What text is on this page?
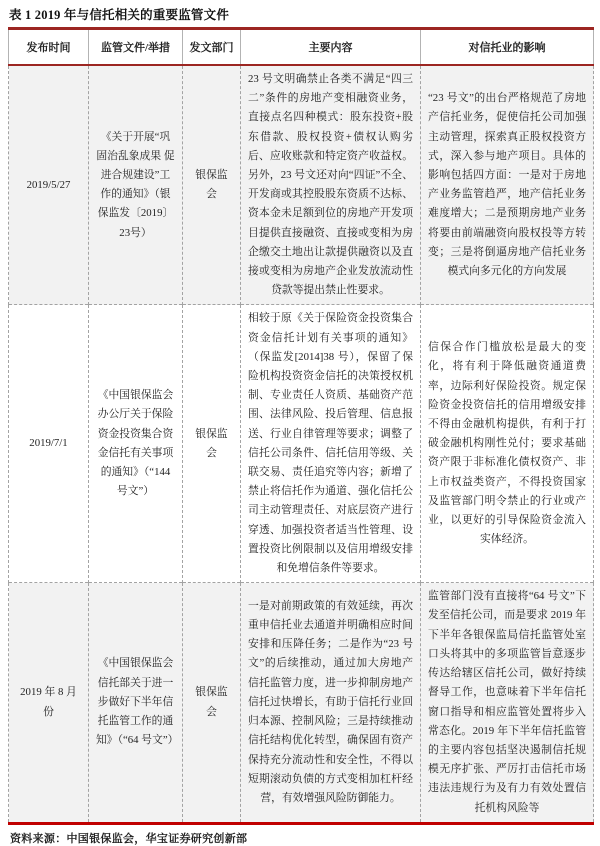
表 1 2019 年与信托相关的重要监管文件
发布时间	监管文件/举措	发文部门	主要内容	对信托业的影响
2019/5/27	《关于开展“巩固治乱象成果 促进合规建设”工作的通知》（银保监发〔2019〕23号）	银保监会	23 号文明确禁止各类不满足“四三二”条件的房地产变相融资业务，直接点名四种模式：股东投资+股东借款、股权投资+债权认购劣后、应收账款和特定资产收益权。另外，23 号文还对向“四证”不全、开发商或其控股股东资质不达标、资本金未足额到位的房地产开发项目提供直接融资、直接或变相为房企缴交土地出让款提供融资以及直接或变相为房地产企业发放流动性贷款等提出禁止性要求。	“23 号文”的出台严格规范了房地产信托业务，促使信托公司加强主动管理，探索真正股权投资方式，深入参与地产项目。具体的影响包括四方面：一是对于房地产业务监管趋严，地产信托业务难度增大；二是预期房地产业务将要由前端融资向股权投等方转变；三是将倒逼房地产信托业务模式向多元化的方向发展
2019/7/1	《中国银保监会办公厅关于保险资金投资集合资金信托有关事项的通知》（“144 号文”）	银保监会	相较于原《关于保险资金投资集合资金信托计划有关事项的通知》（保监发[2014]38 号），保留了保险机构投资资金信托的决策授权机制、专业责任人资质、基础资产范围、法律风险、投后管理、信息报送、行业自律管理等要求；调整了信托公司条件、信托信用等级、关联交易、责任追究等内容；新增了禁止将信托作为通道、强化信托公司主动管理责任、对底层资产进行穿透、加强投资者适当性管理、设置投资比例限制以及信用增级安排和免增信条件等要求。	信保合作门槛放松是最大的变化，将有利于降低融资通道费率，边际利好保险投资。规定保险资金投资信托的信用增级安排不得由金融机构提供，有利于打破金融机构刚性兑付；要求基础资产限于非标准化债权资产、非上市权益类资产，不得投资国家及监管部门明令禁止的行业或产业，以更好的引导保险资金流入实体经济。
2019 年 8 月份	《中国银保监会信托部关于进一步做好下半年信托监管工作的通知》（“64 号文”）	银保监会	一是对前期政策的有效延续，再次重申信托业去通道并明确相应时间安排和压降任务；二是作为“23 号文”的后续推动，通过加大房地产信托监管力度，进一步抑制房地产信托过快增长，有助于信托行业回归本源、控制风险；三是持续推动信托结构优化转型，确保固有资产保持充分流动性和安全性，不得以短期滚动负债的方式变相加杠杆经营，有效增强风险防御能力。	监管部门没有直接将“64 号文”下发至信托公司，而是要求 2019 年下半年各银保监局信托监管处室口头将其中的多项监管旨意逐步传达给辖区信托公司，做好持续督导工作，也意味着下半年信托窗口指导和相应监管处置将步入常态化。2019 年下半年信托监管的主要内容包括坚决遏制信托规模无序扩张、严厉打击信托市场违法违规行为及有力有效处置信托机构风险等
资料来源：中国银保监会，华宝证券研究创新部
